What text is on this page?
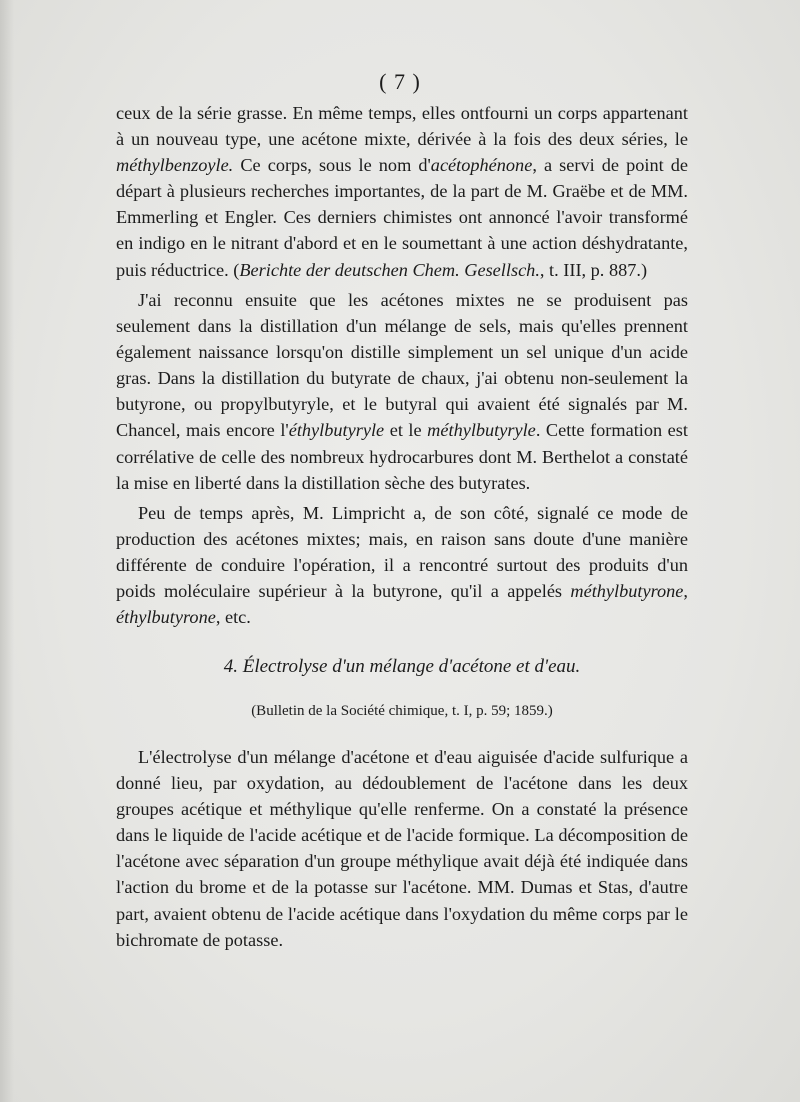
( 7 )

ceux de la série grasse. En même temps, elles ontfourni un corps appartenant à un nouveau type, une acétone mixte, dérivée à la fois des deux séries, le méthylbenzoyle. Ce corps, sous le nom d'acétophénone, a servi de point de départ à plusieurs recherches importantes, de la part de M. Graëbe et de MM. Emmerling et Engler. Ces derniers chimistes ont annoncé l'avoir transformé en indigo en le nitrant d'abord et en le soumettant à une action déshydratante, puis réductrice. (Berichte der deutschen Chem. Gesellsch., t. III, p. 887.)

J'ai reconnu ensuite que les acétones mixtes ne se produisent pas seulement dans la distillation d'un mélange de sels, mais qu'elles prennent également naissance lorsqu'on distille simplement un sel unique d'un acide gras. Dans la distillation du butyrate de chaux, j'ai obtenu non-seulement la butyrone, ou propylbutyryle, et le butyral qui avaient été signalés par M. Chancel, mais encore l'éthylbutyryle et le méthylbutyryle. Cette formation est corrélative de celle des nombreux hydrocarbures dont M. Berthelot a constaté la mise en liberté dans la distillation sèche des butyrates.

Peu de temps après, M. Limpricht a, de son côté, signalé ce mode de production des acétones mixtes; mais, en raison sans doute d'une manière différente de conduire l'opération, il a rencontré surtout des produits d'un poids moléculaire supérieur à la butyrone, qu'il a appelés méthylbutyrone, éthylbutyrone, etc.

4. Électrolyse d'un mélange d'acétone et d'eau.
(Bulletin de la Société chimique, t. I, p. 59; 1859.)

L'électrolyse d'un mélange d'acétone et d'eau aiguisée d'acide sulfurique a donné lieu, par oxydation, au dédoublement de l'acétone dans les deux groupes acétique et méthylique qu'elle renferme. On a constaté la présence dans le liquide de l'acide acétique et de l'acide formique. La décomposition de l'acétone avec séparation d'un groupe méthylique avait déjà été indiquée dans l'action du brome et de la potasse sur l'acétone. MM. Dumas et Stas, d'autre part, avaient obtenu de l'acide acétique dans l'oxydation du même corps par le bichromate de potasse.
